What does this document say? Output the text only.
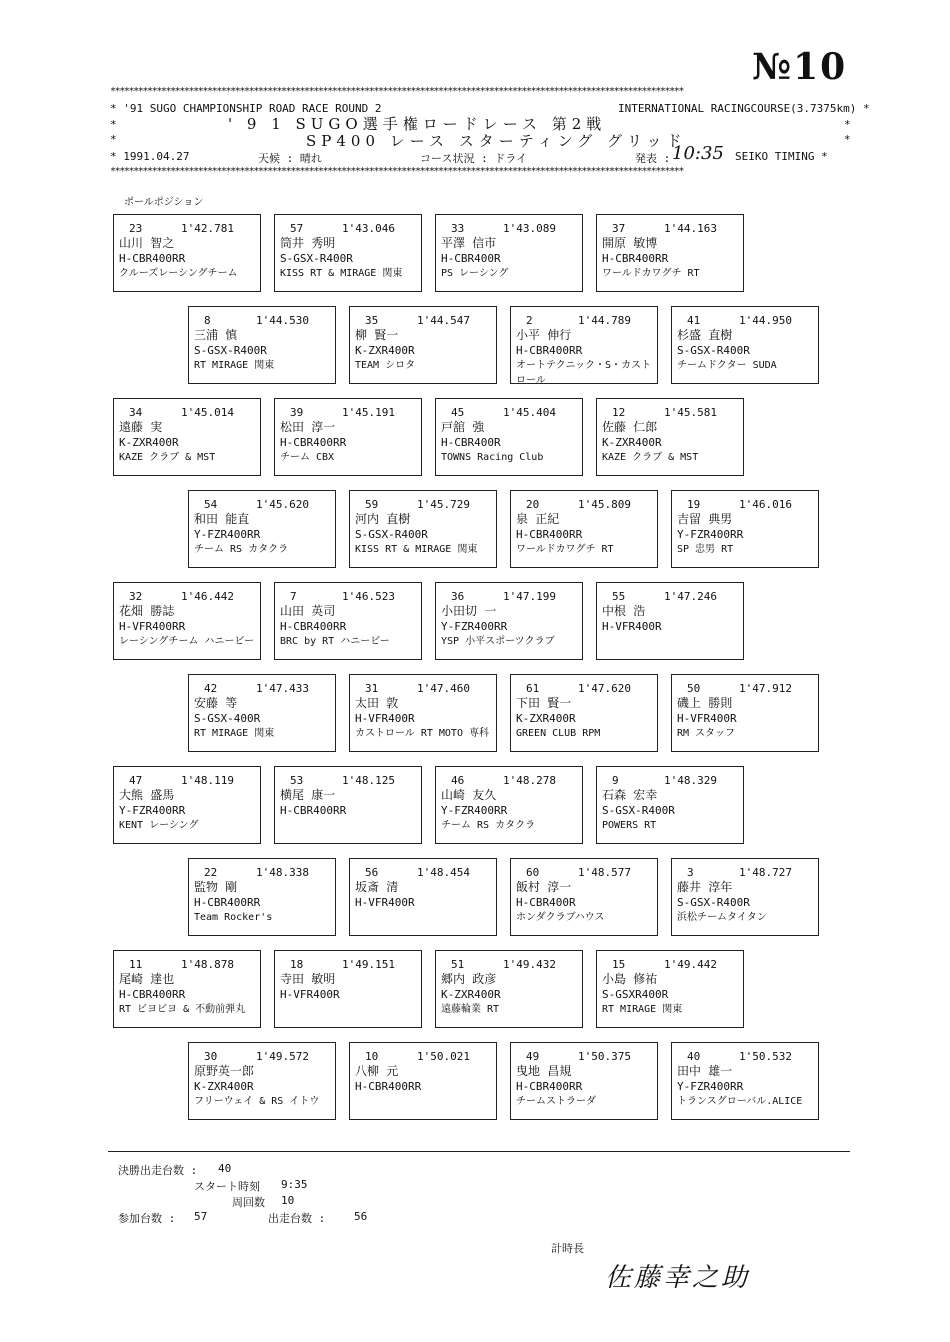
№10
****************************************************************************************************************************
* '91 SUGO CHAMPIONSHIP ROAD RACE ROUND 2	INTERNATIONAL RACINGCOURSE(3.7375km) *
*	*
' 9 1 SUGO選手権ロードレース 第2戦
*	*
SP400 レース スターティング グリッド
* 1991.04.27	天候 : 晴れ	コース状況 : ドライ	発表 : 10:35 SEIKO TIMING *
****************************************************************************************************************************
ポールポジション
23	1'42.781
山川 智之
H-CBR400RR
クルーズレーシングチーム
57	1'43.046
筒井 秀明
S-GSX-R400R
KISS RT & MIRAGE 関東
33	1'43.089
平澤 信市
H-CBR400R
PS レーシング
37	1'44.163
開原 敏博
H-CBR400RR
ワールドカワグチ RT
8	1'44.530
三浦 慎
S-GSX-R400R
RT MIRAGE 関東
35	1'44.547
柳 賢一
K-ZXR400R
TEAM シロタ
2	1'44.789
小平 伸行
H-CBR400RR
オートテクニック・S・カストロール
41	1'44.950
杉盛 直樹
S-GSX-R400R
チームドクター SUDA
34	1'45.014
遠藤 実
K-ZXR400R
KAZE クラブ & MST
39	1'45.191
松田 淳一
H-CBR400RR
チーム CBX
45	1'45.404
戸舘 強
H-CBR400R
TOWNS Racing Club
12	1'45.581
佐藤 仁郎
K-ZXR400R
KAZE クラブ & MST
54	1'45.620
和田 能直
Y-FZR400RR
チーム RS カタクラ
59	1'45.729
河内 直樹
S-GSX-R400R
KISS RT & MIRAGE 関東
20	1'45.809
泉 正紀
H-CBR400RR
ワールドカワグチ RT
19	1'46.016
吉留 典男
Y-FZR400RR
SP 忠男 RT
32	1'46.442
花畑 勝誌
H-VFR400RR
レーシングチーム ハニービー
7	1'46.523
山田 英司
H-CBR400RR
BRC by RT ハニービー
36	1'47.199
小田切 一
Y-FZR400RR
YSP 小平スポーツクラブ
55	1'47.246
中根 浩
H-VFR400R
42	1'47.433
安藤 等
S-GSX-400R
RT MIRAGE 関東
31	1'47.460
太田 敦
H-VFR400R
カストロール RT MOTO 専科
61	1'47.620
下田 賢一
K-ZXR400R
GREEN CLUB RPM
50	1'47.912
磯上 勝則
H-VFR400R
RM スタッフ
47	1'48.119
大熊 盛馬
Y-FZR400RR
KENT レーシング
53	1'48.125
横尾 康一
H-CBR400RR
46	1'48.278
山崎 友久
Y-FZR400RR
チーム RS カタクラ
9	1'48.329
石森 宏幸
S-GSX-R400R
POWERS RT
22	1'48.338
監物 剛
H-CBR400RR
Team Rocker's
56	1'48.454
坂斎 清
H-VFR400R
60	1'48.577
飯村 淳一
H-CBR400R
ホンダクラブハウス
3	1'48.727
藤井 淳年
S-GSX-R400R
浜松チームタイタン
11	1'48.878
尾崎 達也
H-CBR400RR
RT ビヨビヨ & 不動前弾丸
18	1'49.151
寺田 敏明
H-VFR400R
51	1'49.432
郷内 政彦
K-ZXR400R
遠藤輪業 RT
15	1'49.442
小島 修祐
S-GSXR400R
RT MIRAGE 関東
30	1'49.572
原野英一郎
K-ZXR400R
フリーウェイ & RS イトウ
10	1'50.021
八柳 元
H-CBR400RR
49	1'50.375
曳地 昌規
H-CBR400RR
チームストラーダ
40	1'50.532
田中 雄一
Y-FZR400RR
トランスグローバル.ALICE
決勝出走台数 : 40
スタート時刻 9:35
周回数 10
参加台数 : 57	出走台数 :	56
計時長
佐藤幸之助
